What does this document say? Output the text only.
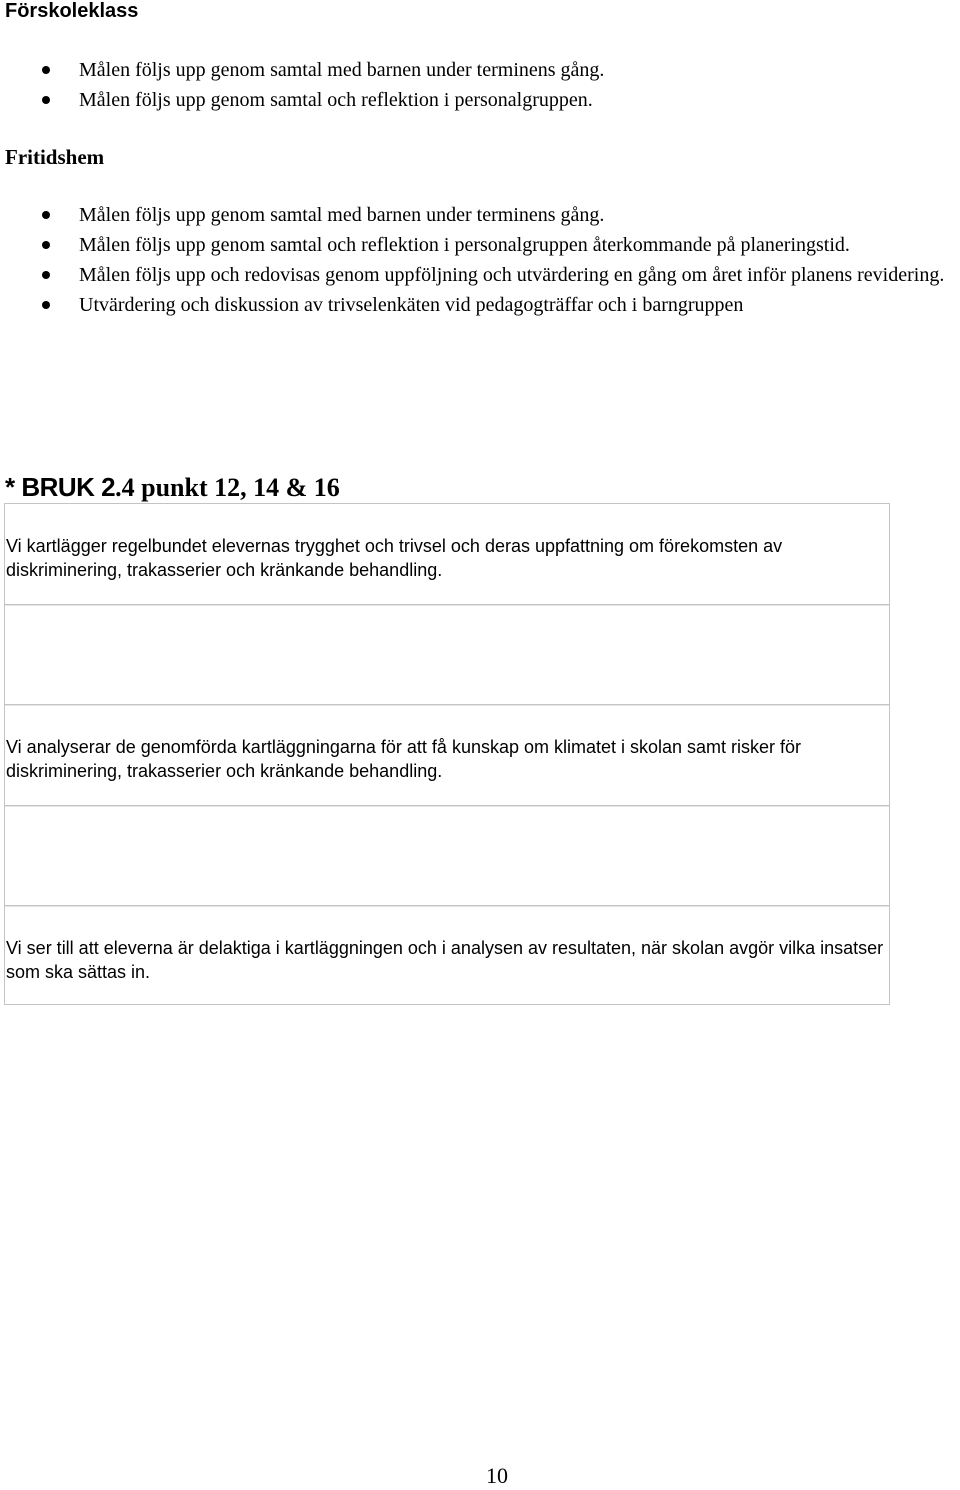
Förskoleklass
Målen följs upp genom samtal med barnen under terminens gång.
Målen följs upp genom samtal och reflektion i personalgruppen.
Fritidshem
Målen följs upp genom samtal med barnen under terminens gång.
Målen följs upp genom samtal och reflektion i personalgruppen återkommande på planeringstid.
Målen följs upp och redovisas genom uppföljning och utvärdering en gång om året inför planens revidering.
Utvärdering och diskussion av trivselenkäten vid pedagogträffar och i barngruppen
* BRUK 2.4 punkt 12, 14 & 16
Vi kartlägger regelbundet elevernas trygghet och trivsel och deras uppfattning om förekomsten av diskriminering, trakasserier och kränkande behandling.
Vi analyserar de genomförda kartläggningarna för att få kunskap om klimatet i skolan samt risker för diskriminering, trakasserier och kränkande behandling.
Vi ser till att eleverna är delaktiga i kartläggningen och i analysen av resultaten, när skolan avgör vilka insatser som ska sättas in.

10
